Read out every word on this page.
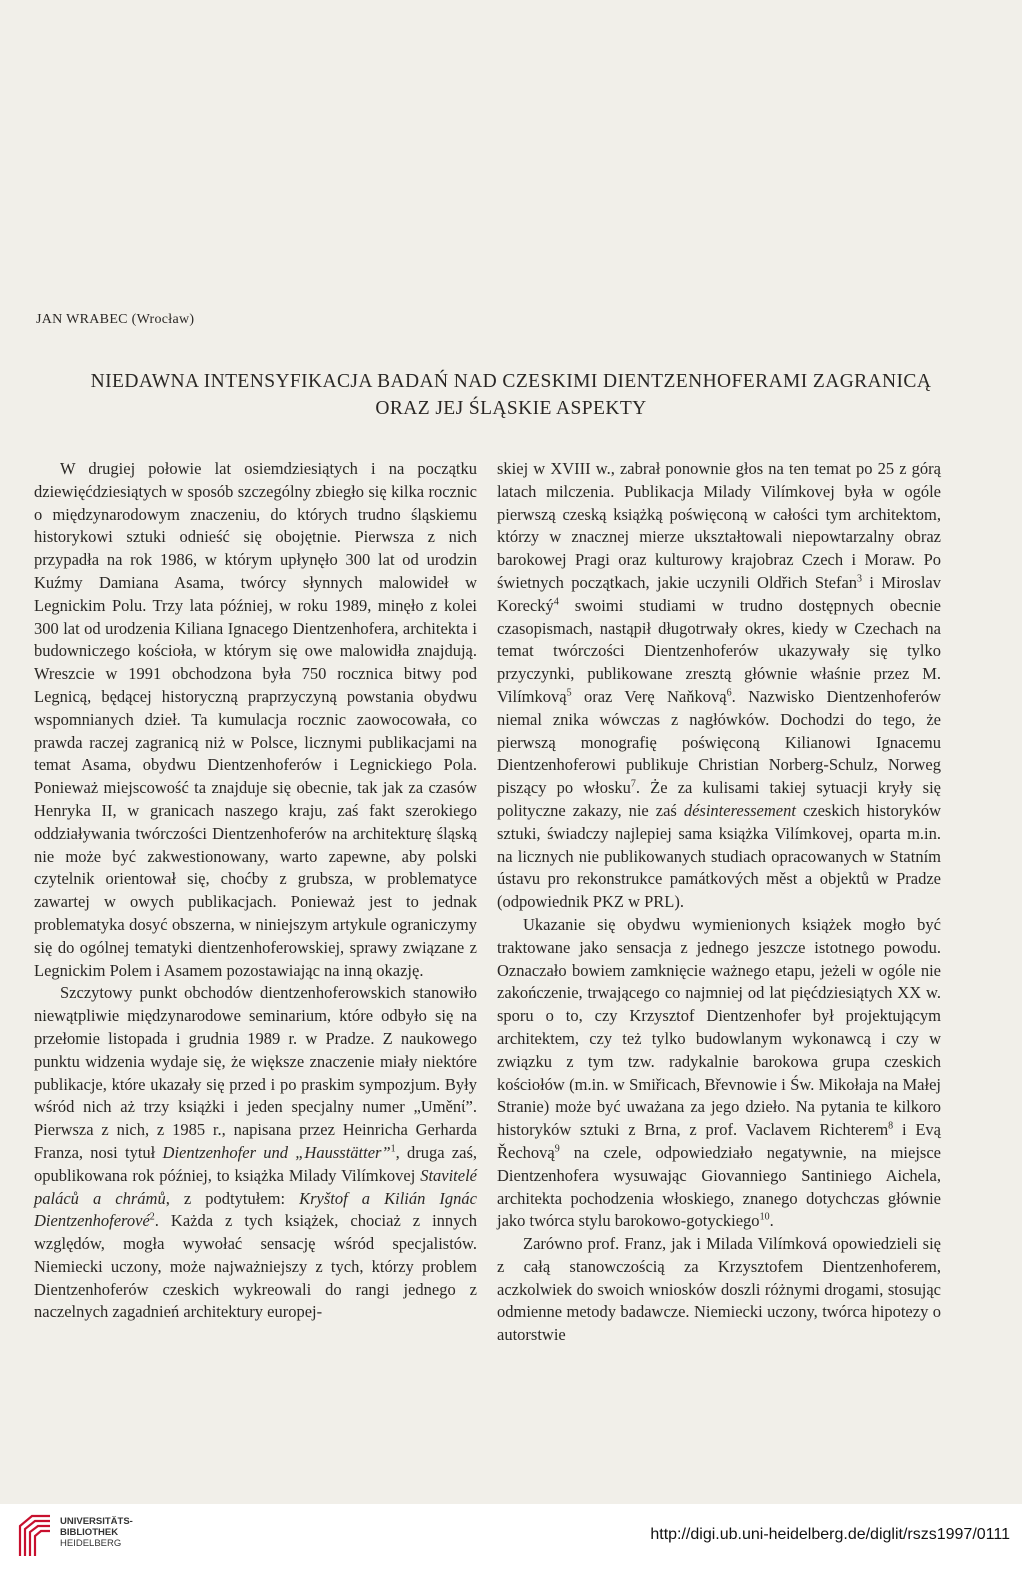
JAN WRABEC (Wrocław)
NIEDAWNA INTENSYFIKACJA BADAŃ NAD CZESKIMI DIENTZENHOFERAMI ZAGRANICĄ
ORAZ JEJ ŚLĄSKIE ASPEKTY

W drugiej połowie lat osiemdziesiątych i na początku dziewięćdziesiątych w sposób szczególny zbiegło się kilka rocznic o międzynarodowym znaczeniu, do których trudno śląskiemu historykowi sztuki odnieść się obojętnie. Pierwsza z nich przypadła na rok 1986, w którym upłynęło 300 lat od urodzin Kuźmy Damiana Asama, twórcy słynnych malowideł w Legnickim Polu. Trzy lata później, w roku 1989, minęło z kolei 300 lat od urodzenia Kiliana Ignacego Dientzenhofera, architekta i budowniczego kościoła, w którym się owe malowidła znajdują. Wreszcie w 1991 obchodzona była 750 rocznica bitwy pod Legnicą, będącej historyczną praprzyczyną powstania obydwu wspomnianych dzieł. Ta kumulacja rocznic zaowocowała, co prawda raczej zagranicą niż w Polsce, licznymi publikacjami na temat Asama, obydwu Dientzenhoferów i Legnickiego Pola. Ponieważ miejscowość ta znajduje się obecnie, tak jak za czasów Henryka II, w granicach naszego kraju, zaś fakt szerokiego oddziaływania twórczości Dientzenhoferów na architekturę śląską nie może być zakwestionowany, warto zapewne, aby polski czytelnik orientował się, choćby z grubsza, w problematyce zawartej w owych publikacjach. Ponieważ jest to jednak problematyka dosyć obszerna, w niniejszym artykule ograniczymy się do ogólnej tematyki dientzenhoferowskiej, sprawy związane z Legnickim Polem i Asamem pozostawiając na inną okazję.

Szczytowy punkt obchodów dientzenhoferowskich stanowiło niewątpliwie międzynarodowe seminarium, które odbyło się na przełomie listopada i grudnia 1989 r. w Pradze. Z naukowego punktu widzenia wydaje się, że większe znaczenie miały niektóre publikacje, które ukazały się przed i po praskim sympozjum. Były wśród nich aż trzy książki i jeden specjalny numer „Uměnί”. Pierwsza z nich, z 1985 r., napisana przez Heinricha Gerharda Franza, nosi tytuł Dientzenhofer und „Hausstätter”$^1$, druga zaś, opublikowana rok później, to książka Milady Vilímkovej Stavitelé paláců a chrámů, z podtytułem: Kryštof a Kilián Ignác Dientzenhoferové$^2$. Każda z tych książek, chociaż z innych względów, mogła wywołać sensację wśród specjalistów. Niemiecki uczony, może najważniejszy z tych, którzy problem Dientzenhoferów czeskich wykreowali do rangi jednego z naczelnych zagadnień architektury europej-

skiej w XVIII w., zabrał ponownie głos na ten temat po 25 z górą latach milczenia. Publikacja Milady Vilímkovej była w ogóle pierwszą czeską książką poświęconą w całości tym architektom, którzy w znacznej mierze ukształtowali niepowtarzalny obraz barokowej Pragi oraz kulturowy krajobraz Czech i Moraw. Po świetnych początkach, jakie uczynili Oldřich Stefan$^3$ i Miroslav Korecký$^4$ swoimi studiami w trudno dostępnych obecnie czasopismach, nastąpił długotrwały okres, kiedy w Czechach na temat twórczości Dientzenhoferów ukazywały się tylko przyczynki, publikowane zresztą głównie właśnie przez M. Vilímkovą$^5$ oraz Verę Naňkovą$^6$. Nazwisko Dientzenhoferów niemal znika wówczas z nagłówków. Dochodzi do tego, że pierwszą monografię poświęconą Kilianowi Ignacemu Dientzenhoferowi publikuje Christian Norberg-Schulz, Norweg piszący po włosku$^7$. Że za kulisami takiej sytuacji kryły się polityczne zakazy, nie zaś désinteressement czeskich historyków sztuki, świadczy najlepiej sama książka Vilímkovej, oparta m.in. na licznych nie publikowanych studiach opracowanych w Statním ústavu pro rekonstrukce památkových měst a objektů w Pradze (odpowiednik PKZ w PRL).

Ukazanie się obydwu wymienionych książek mogło być traktowane jako sensacja z jednego jeszcze istotnego powodu. Oznaczało bowiem zamknięcie ważnego etapu, jeżeli w ogóle nie zakończenie, trwającego co najmniej od lat pięćdziesiątych XX w. sporu o to, czy Krzysztof Dientzenhofer był projektującym architektem, czy też tylko budowlanym wykonawcą i czy w związku z tym tzw. radykalnie barokowa grupa czeskich kościołów (m.in. w Smiřicach, Břevnowie i Św. Mikołaja na Małej Stranie) może być uważana za jego dzieło. Na pytania te kilkoro historyków sztuki z Brna, z prof. Vaclavem Richterem$^8$ i Evą Řechovą$^9$ na czele, odpowiedziało negatywnie, na miejsce Dientzenhofera wysuwając Giovanniego Santiniego Aichela, architekta pochodzenia włoskiego, znanego dotychczas głównie jako twórca stylu barokowo-gotyckiego$^{10}$.

Zarówno prof. Franz, jak i Milada Vilímková opowiedzieli się z całą stanowczością za Krzysztofem Dientzenhoferem, aczkolwiek do swoich wniosków doszli różnymi drogami, stosując odmienne metody badawcze. Niemiecki uczony, twórca hipotezy o autorstwie

UNIVERSITÄTS-
BIBLIOTHEK
HEIDELBERG
http://digi.ub.uni-heidelberg.de/diglit/rszs1997/0111
